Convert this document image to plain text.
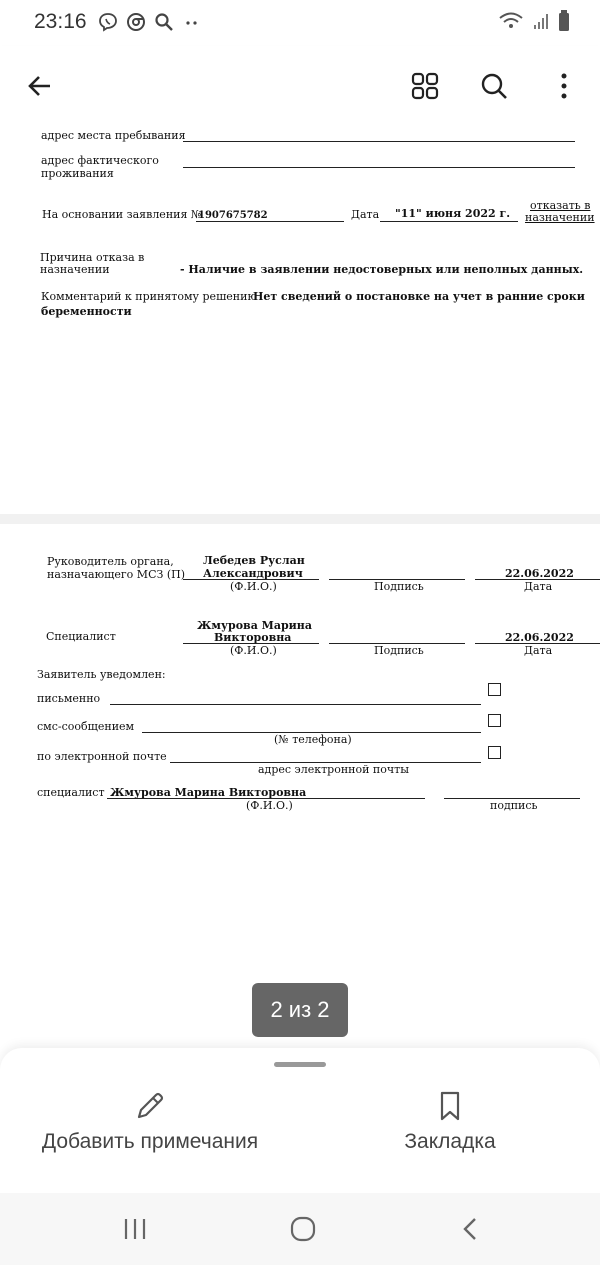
23:16
адрес места пребывания
адрес фактического
проживания
На основании заявления №
1907675782	Дата "11" июня 2022 г.
отказать в
назначении
Причина отказа в
назначении	- Наличие в заявлении недостоверных или неполных данных.
Комментарий к принятому решению
Нет сведений о постановке на учет в ранние сроки
беременности
Руководитель органа,
назначающего МСЗ (П)
Лебедев Руслан
Александрович
(Ф.И.О.)	Подпись
22.06.2022
Дата
Специалист
Жмурова Марина
Викторовна
(Ф.И.О.)	Подпись
22.06.2022
Дата
Заявитель уведомлен:
письменно
смс-сообщением
(№ телефона)
по электронной почте
адрес электронной почты
специалист Жмурова Марина Викторовна
(Ф.И.О.)	подпись
2 из 2
Добавить примечания	Закладка
